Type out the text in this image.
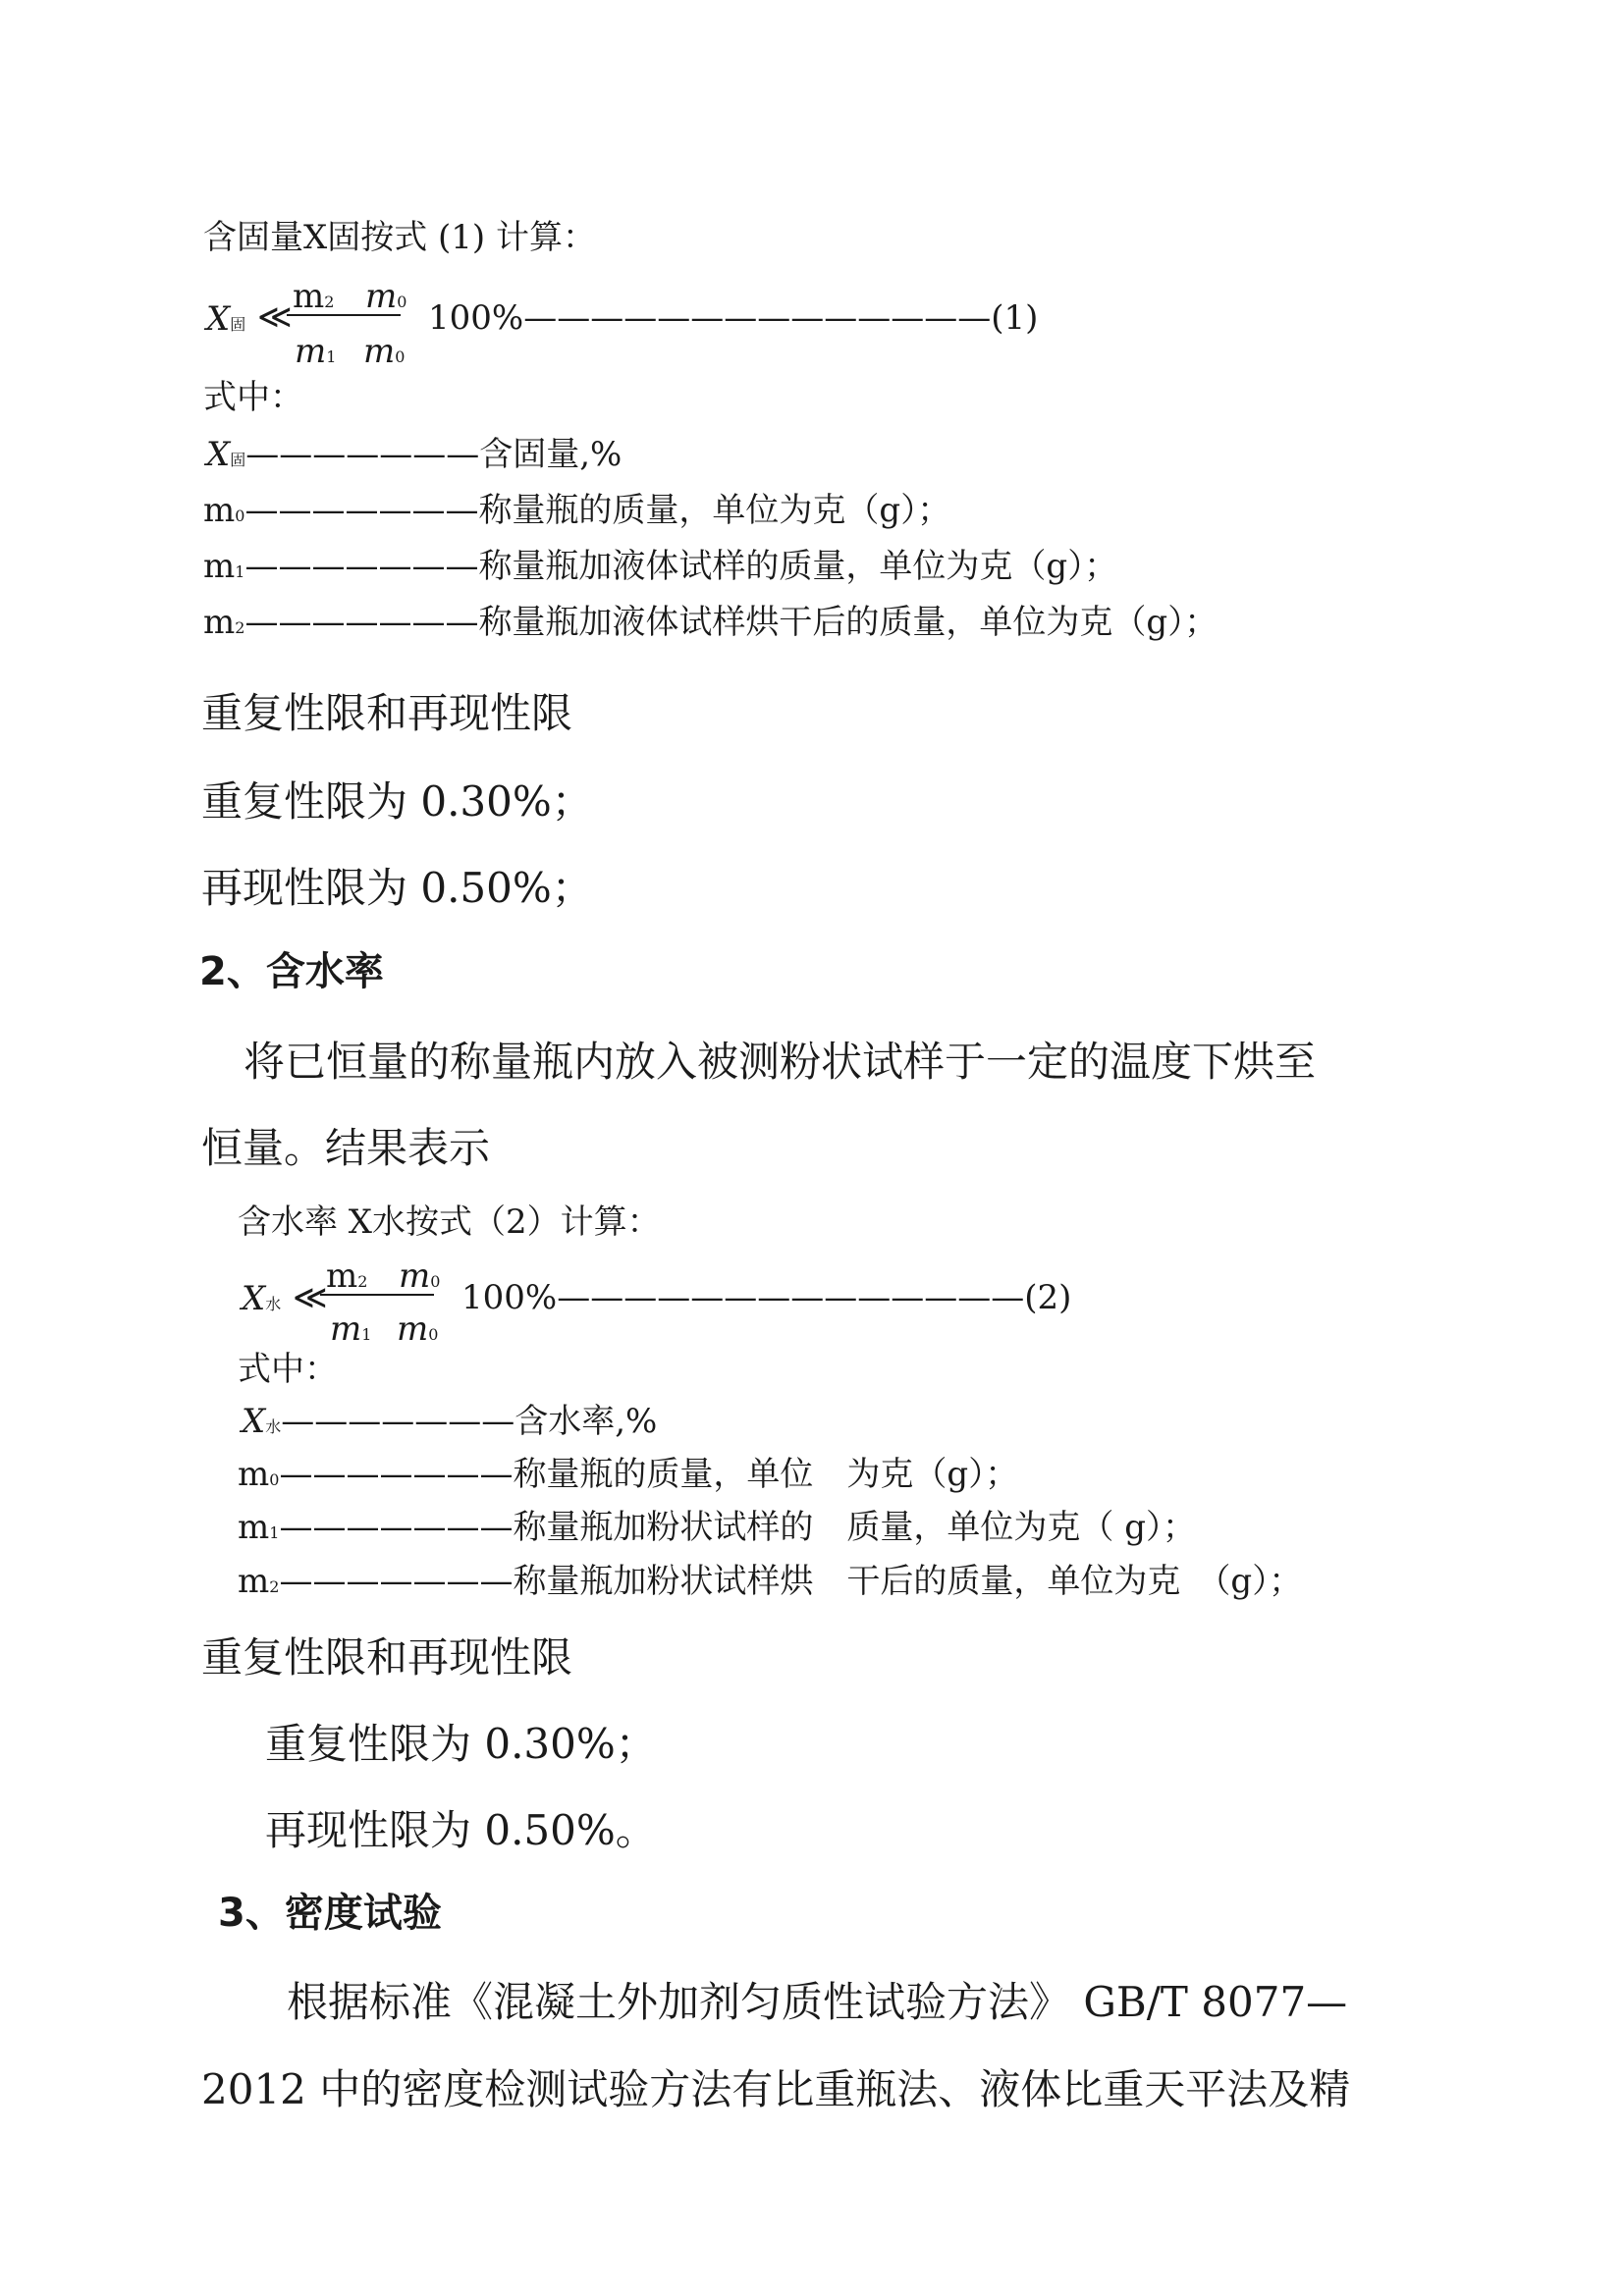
含固量X固按式 (1) 计算：
X固 ≪
m2 m0
m1 m0
100%——————————————(1)
式中：
X固———————含固量,%
m0———————称量瓶的质量，单位为克（g）；
m1———————称量瓶加液体试样的质量，单位为克（g）；
m2———————称量瓶加液体试样烘干后的质量，单位为克（g）；
重复性限和再现性限
重复性限为 0.30%；
再现性限为 0.50%；
2、含水率
将已恒量的称量瓶内放入被测粉状试样于一定的温度下烘至
恒量。结果表示
含水率 X水按式（2）计算：
X水 ≪
m2 m0
m1 m0
100%——————————————(2)
式中：
X水———————含水率,%
m0———————称量瓶的质量，单位　为克（g）；
m1———————称量瓶加粉状试样的　质量，单位为克（ g）；
m2———————称量瓶加粉状试样烘　干后的质量，单位为克　（g）；
重复性限和再现性限
重复性限为 0.30%；
再现性限为 0.50%。
3、密度试验
根据标准《混凝土外加剂匀质性试验方法》 GB/T 8077—
2012 中的密度检测试验方法有比重瓶法、液体比重天平法及精
